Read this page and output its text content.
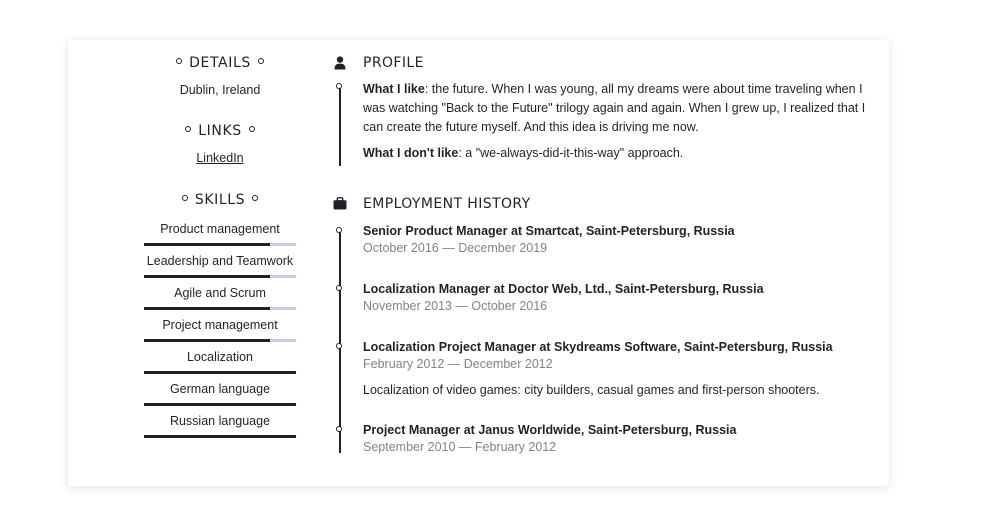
DETAILS
Dublin, Ireland
LINKS
LinkedIn
SKILLS
Product management
Leadership and Teamwork
Agile and Scrum
Project management
Localization
German language
Russian language
PROFILE
What I like: the future. When I was young, all my dreams were about time traveling when I was watching "Back to the Future" trilogy again and again. When I grew up, I realized that I can create the future myself. And this idea is driving me now.
What I don't like: a "we-always-did-it-this-way" approach.
EMPLOYMENT HISTORY
Senior Product Manager at Smartcat, Saint-Petersburg, Russia
October 2016 — December 2019
Localization Manager at Doctor Web, Ltd., Saint-Petersburg, Russia
November 2013 — October 2016
Localization Project Manager at Skydreams Software, Saint-Petersburg, Russia
February 2012 — December 2012
Localization of video games: city builders, casual games and first-person shooters.
Project Manager at Janus Worldwide, Saint-Petersburg, Russia
September 2010 — February 2012
